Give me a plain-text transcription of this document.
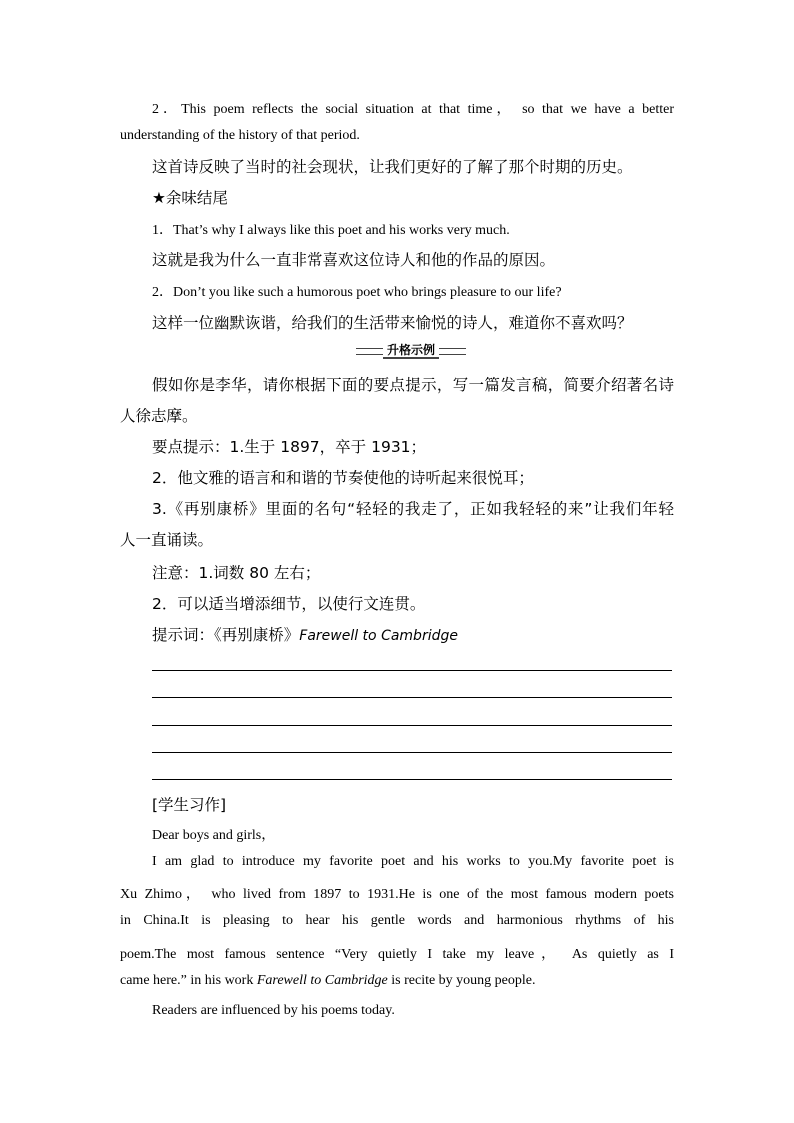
2．This poem reflects the social situation at that time， so that we have a better
understanding of the history of that period.
这首诗反映了当时的社会现状，让我们更好的了解了那个时期的历史。
★余味结尾
1．That’s why I always like this poet and his works very much.
这就是我为什么一直非常喜欢这位诗人和他的作品的原因。
2．Don’t you like such a humorous poet who brings pleasure to our life?
这样一位幽默诙谐，给我们的生活带来愉悦的诗人，难道你不喜欢吗？
升格示例
假如你是李华，请你根据下面的要点提示，写一篇发言稿，简要介绍著名诗
人徐志摩。
要点提示：1.生于 1897，卒于 1931；
2．他文雅的语言和和谐的节奏使他的诗听起来很悦耳；
3.《再别康桥》里面的名句“轻轻的我走了，正如我轻轻的来”让我们年轻
人一直诵读。
注意：1.词数 80 左右；
2．可以适当增添细节，以使行文连贯。
提示词：《再别康桥》Farewell to Cambridge
[学生习作]
Dear boys and girls，
I am glad to introduce my favorite poet and his works to you.My favorite poet is
Xu Zhimo， who lived from 1897 to 1931.He is one of the most famous modern poets
in China.It is pleasing to hear his gentle words and harmonious rhythms of his
poem.The most famous sentence “Very quietly I take my leave， As quietly as I
came here.” in his work Farewell to Cambridge is recite by young people.
Readers are influenced by his poems today.
